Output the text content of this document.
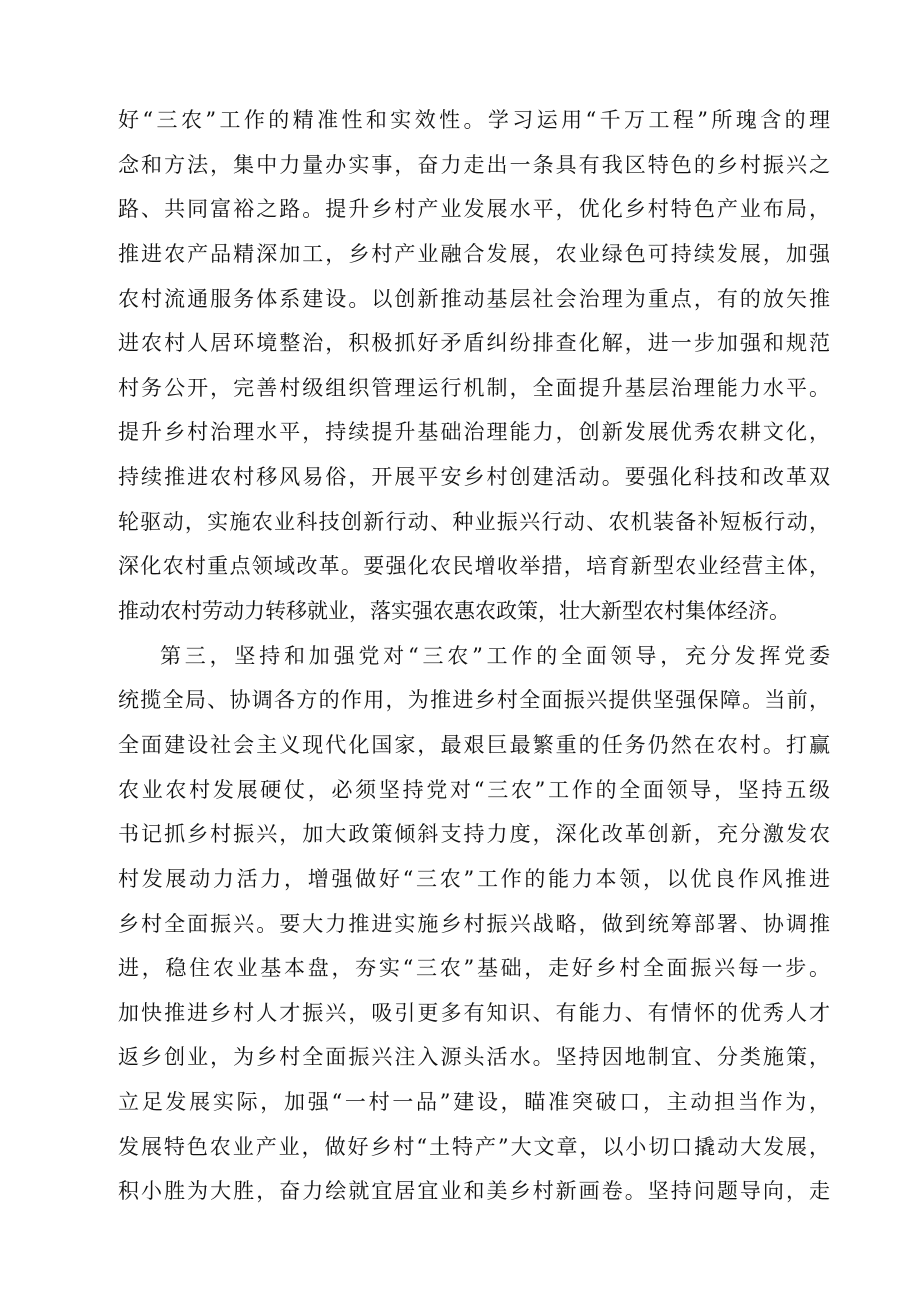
好“三农”工作的精准性和实效性。学习运用“千万工程”所瑰含的理
念和方法，集中力量办实事，奋力走出一条具有我区特色的乡村振兴之
路、共同富裕之路。提升乡村产业发展水平，优化乡村特色产业布局，
推进农产品精深加工，乡村产业融合发展，农业绿色可持续发展，加强
农村流通服务体系建设。以创新推动基层社会治理为重点，有的放矢推
进农村人居环境整治，积极抓好矛盾纠纷排查化解，进一步加强和规范
村务公开，完善村级组织管理运行机制，全面提升基层治理能力水平。
提升乡村治理水平，持续提升基础治理能力，创新发展优秀农耕文化，
持续推进农村移风易俗，开展平安乡村创建活动。要强化科技和改革双
轮驱动，实施农业科技创新行动、种业振兴行动、农机装备补短板行动，
深化农村重点领域改革。要强化农民增收举措，培育新型农业经营主体，
推动农村劳动力转移就业，落实强农惠农政策，壮大新型农村集体经济。
第三，坚持和加强党对“三农”工作的全面领导，充分发挥党委
统揽全局、协调各方的作用，为推进乡村全面振兴提供坚强保障。当前，
全面建设社会主义现代化国家，最艰巨最繁重的任务仍然在农村。打赢
农业农村发展硬仗，必须坚持党对“三农”工作的全面领导，坚持五级
书记抓乡村振兴，加大政策倾斜支持力度，深化改革创新，充分激发农
村发展动力活力，增强做好“三农”工作的能力本领，以优良作风推进
乡村全面振兴。要大力推进实施乡村振兴战略，做到统筹部署、协调推
进，稳住农业基本盘，夯实“三农”基础，走好乡村全面振兴每一步。
加快推进乡村人才振兴，吸引更多有知识、有能力、有情怀的优秀人才
返乡创业，为乡村全面振兴注入源头活水。坚持因地制宜、分类施策，
立足发展实际，加强“一村一品”建设，瞄准突破口，主动担当作为，
发展特色农业产业，做好乡村“土特产”大文章，以小切口撬动大发展，
积小胜为大胜，奋力绘就宜居宜业和美乡村新画卷。坚持问题导向，走
